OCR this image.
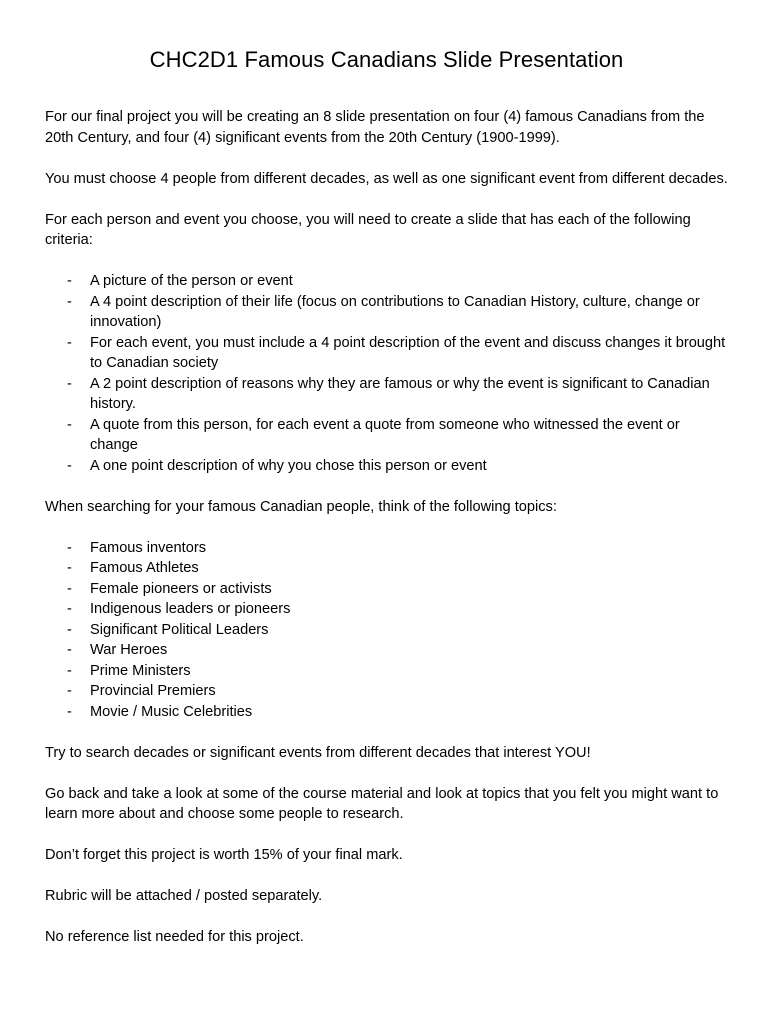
CHC2D1 Famous Canadians Slide Presentation

For our final project you will be creating an 8 slide presentation on four (4) famous Canadians from the 20th Century, and four (4) significant events from the 20th Century (1900-1999).

You must choose 4 people from different decades, as well as one significant event from different decades.

For each person and event you choose, you will need to create a slide that has each of the following criteria:

- A picture of the person or event
- A 4 point description of their life (focus on contributions to Canadian History, culture, change or innovation)
- For each event, you must include a 4 point description of the event and discuss changes it brought to Canadian society
- A 2 point description of reasons why they are famous or why the event is significant to Canadian history.
- A quote from this person, for each event a quote from someone who witnessed the event or change
- A one point description of why you chose this person or event

When searching for your famous Canadian people, think of the following topics:

- Famous inventors
- Famous Athletes
- Female pioneers or activists
- Indigenous leaders or pioneers
- Significant Political Leaders
- War Heroes
- Prime Ministers
- Provincial Premiers
- Movie / Music Celebrities

Try to search decades or significant events from different decades that interest YOU!

Go back and take a look at some of the course material and look at topics that you felt you might want to learn more about and choose some people to research.

Don’t forget this project is worth 15% of your final mark.

Rubric will be attached / posted separately.

No reference list needed for this project.
